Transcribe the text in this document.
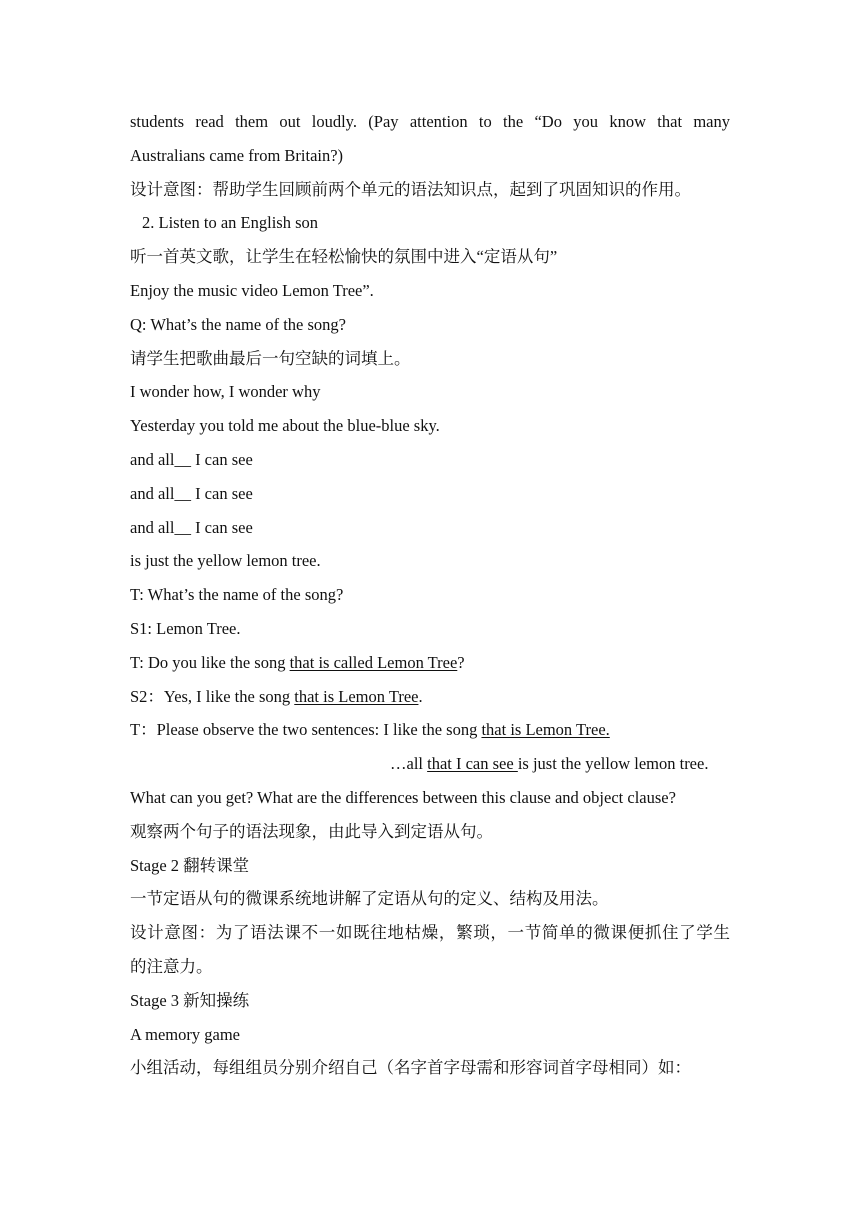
students read them out loudly. (Pay attention to the “Do you know that many
Australians came from Britain?)
设计意图：帮助学生回顾前两个单元的语法知识点，起到了巩固知识的作用。
2. Listen to an English son
听一首英文歌，让学生在轻松愉快的氛围中进入“定语从句”
Enjoy the music video Lemon Tree”.
Q: What’s the name of the song?
请学生把歌曲最后一句空缺的词填上。
I wonder how, I wonder why
Yesterday you told me about the blue-blue sky.
and all__ I can see
and all__ I can see
and all__ I can see
is just the yellow lemon tree.
T: What’s the name of the song?
S1: Lemon Tree.
T: Do you like the song that is called Lemon Tree?
S2：Yes, I like the song that is Lemon Tree.
T：Please observe the two sentences: I like the song that is Lemon Tree.
…all that I can see is just the yellow lemon tree.
What can you get? What are the differences between this clause and object clause?
观察两个句子的语法现象，由此导入到定语从句。
Stage 2 翻转课堂
一节定语从句的微课系统地讲解了定语从句的定义、结构及用法。
设计意图：为了语法课不一如既往地枯燥，繁琐，一节简单的微课便抓住了学生
的注意力。
Stage 3 新知操练
A memory game
小组活动，每组组员分别介绍自己（名字首字母需和形容词首字母相同）如：
